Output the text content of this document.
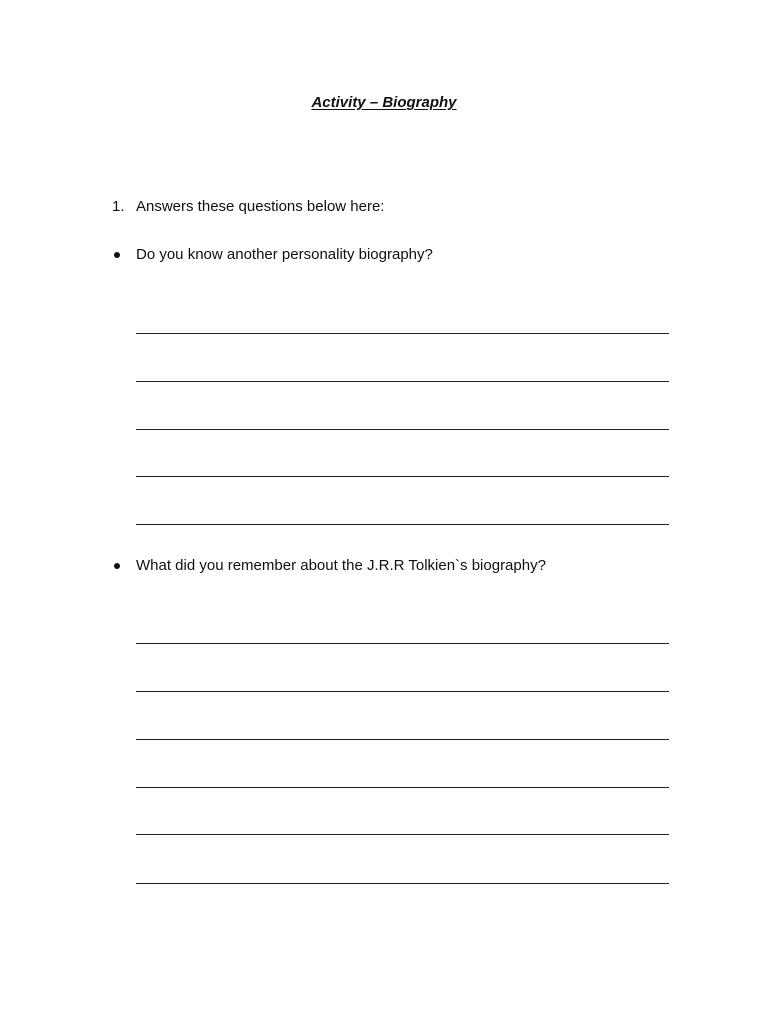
Activity – Biography
1. Answers these questions below here:
Do you know another personality biography?
What did you remember about the J.R.R Tolkien`s biography?
